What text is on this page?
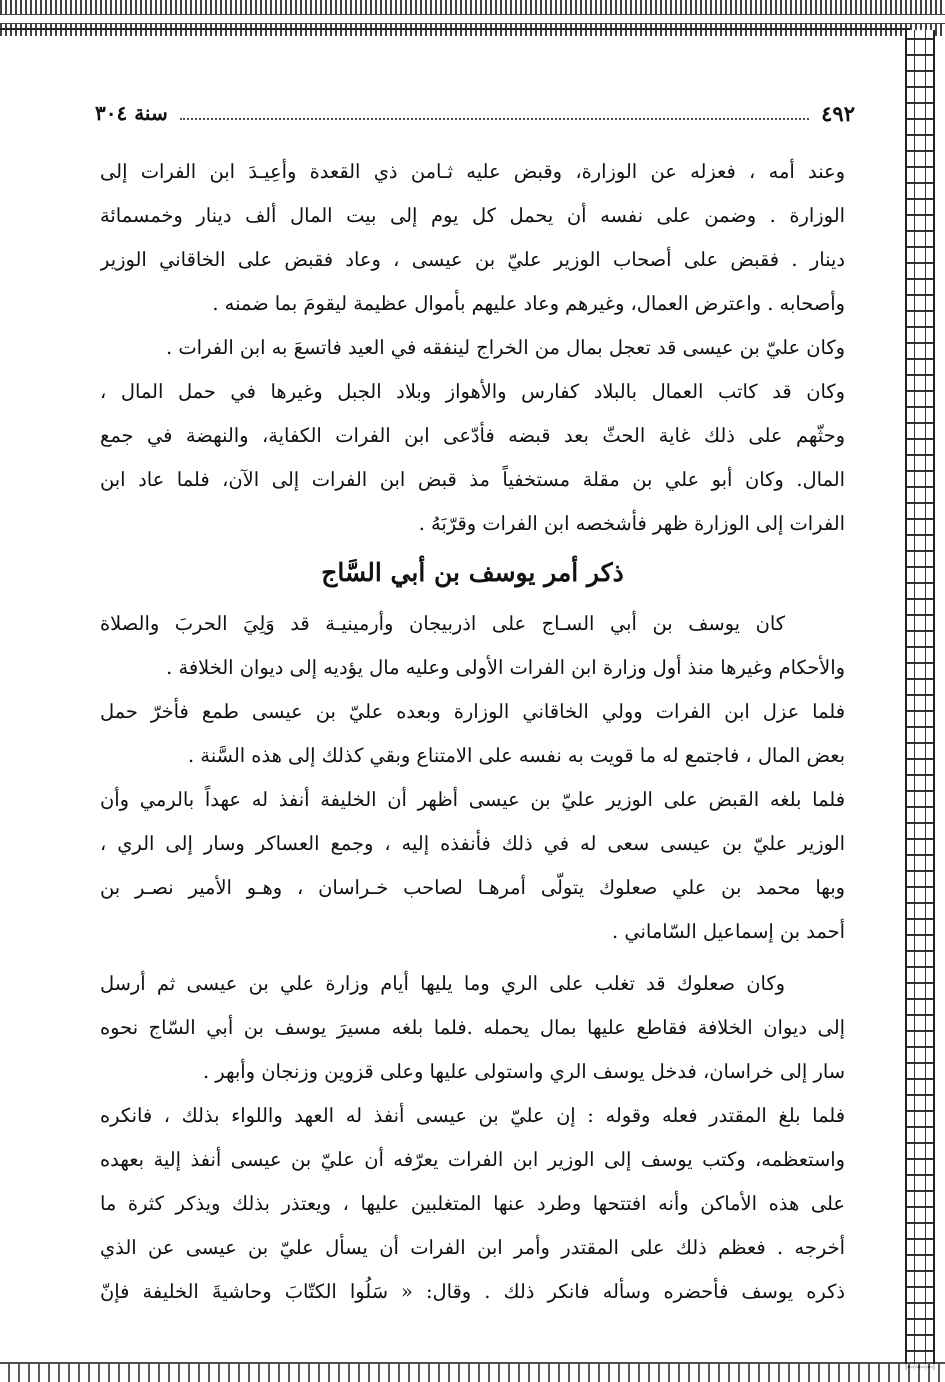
٤٩٢
سنة ٣٠٤
وعند أمه ، فعزله عن الوزارة، وقبض عليه ثـامن ذي القعدة وأعِيـدَ ابن الفرات إلى
الوزارة . وضمن على نفسه أن يحمل كل يوم إلى بيت المال ألف دينار وخمسمائة
دينار . فقبض على أصحاب الوزير عليّ بن عيسى ، وعاد فقبض على الخاقاني الوزير
وأصحابه . واعترض العمال، وغيرهم وعاد عليهم بأموال عظيمة ليقومَ بما ضمنه .
وكان عليّ بن عيسى قد تعجل بمال من الخراج لينفقه في العيد فاتسعَ به ابن الفرات .
وكان قد كاتب العمال بالبلاد كفارس والأهواز وبلاد الجبل وغيرها في حمل المال ،
وحثّهم على ذلك غاية الحثّ بعد قبضه فأدّعى ابن الفرات الكفاية، والنهضة في جمع
المال. وكان أبو علي بن مقلة مستخفياً مذ قبض ابن الفرات إلى الآن، فلما عاد ابن
الفرات إلى الوزارة ظهر فأشخصه ابن الفرات وقرّبَهُ .
ذكر أمر يوسف بن أبي السَّاج
كان يوسف بن أبي السـاج على اذربيجان وأرمينيـة قد وَلِيَ الحربَ والصلاة
والأحكام وغيرها منذ أول وزارة ابن الفرات الأولى وعليه مال يؤديه إلى ديوان الخلافة .
فلما عزل ابن الفرات وولي الخاقاني الوزارة وبعده عليّ بن عيسى طمع فأخرّ حمل
بعض المال ، فاجتمع له ما قويت به نفسه على الامتناع وبقي كذلك إلى هذه السَّنة .
فلما بلغه القبض على الوزير عليّ بن عيسى أظهر أن الخليفة أنفذ له عهداً بالرمي وأن
الوزير عليّ بن عيسى سعى له في ذلك فأنفذه إليه ، وجمع العساكر وسار إلى الري ،
وبها محمد بن علي صعلوك يتولّى أمرهـا لصاحب خـراسان ، وهـو الأمير نصـر بن
أحمد بن إسماعيل السّاماني .
وكان صعلوك قد تغلب على الري وما يليها أيام وزارة علي بن عيسى ثم أرسل
إلى ديوان الخلافة فقاطع عليها بمال يحمله .فلما بلغه مسيرَ يوسف بن أبي السّاج نحوه
سار إلى خراسان، فدخل يوسف الري واستولى عليها وعلى قزوين وزنجان وأبهر .
فلما بلغ المقتدر فعله وقوله : إن عليّ بن عيسى أنفذ له العهد واللواء بذلك ، فانكره
واستعظمه، وكتب يوسف إلى الوزير ابن الفرات يعرّفه أن عليّ بن عيسى أنفذ إلية بعهده
على هذه الأماكن وأنه افتتحها وطرد عنها المتغلبين عليها ، ويعتذر بذلك ويذكر كثرة ما
أخرجه . فعظم ذلك على المقتدر وأمر ابن الفرات أن يسأل عليّ بن عيسى عن الذي
ذكره يوسف فأحضره وسأله فانكر ذلك . وقال: « سَلُوا الكتّابَ وحاشيةَ الخليفة فإنّ
